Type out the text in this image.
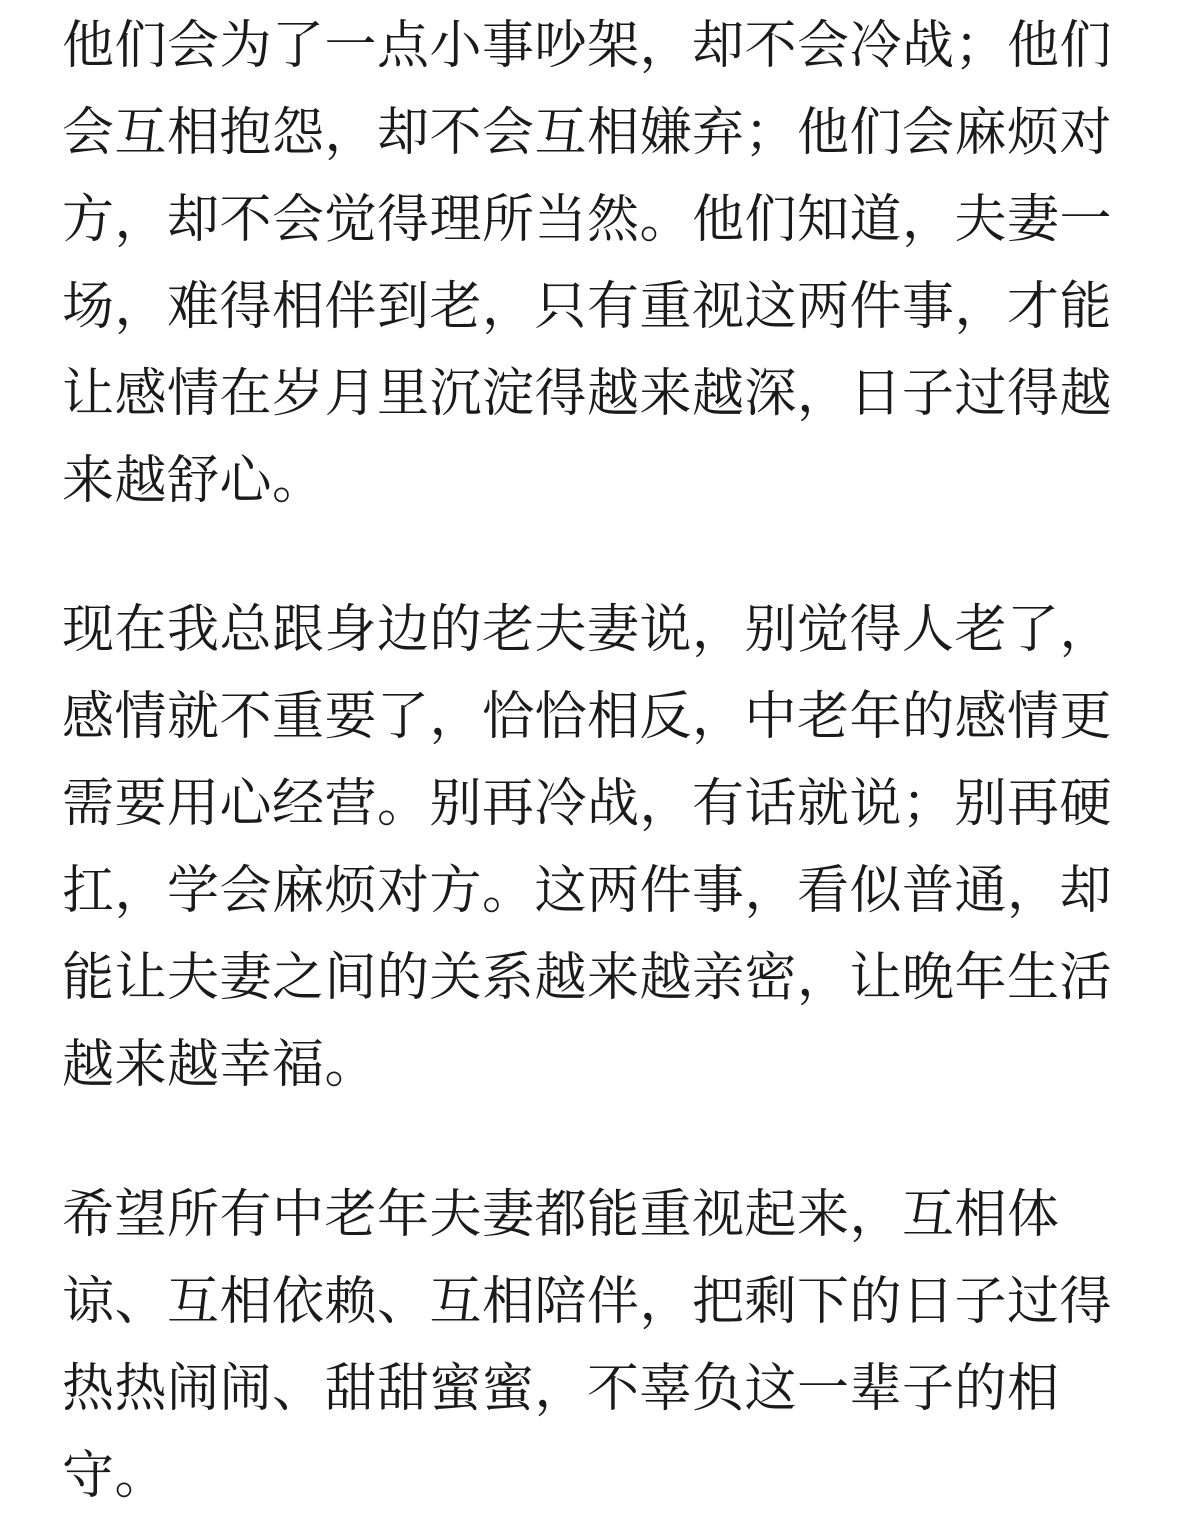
他们会为了一点小事吵架，却不会冷战；他们
会互相抱怨，却不会互相嫌弃；他们会麻烦对
方，却不会觉得理所当然。他们知道，夫妻一
场，难得相伴到老，只有重视这两件事，才能
让感情在岁月里沉淀得越来越深，日子过得越
来越舒心。

现在我总跟身边的老夫妻说，别觉得人老了，
感情就不重要了，恰恰相反，中老年的感情更
需要用心经营。别再冷战，有话就说；别再硬
扛，学会麻烦对方。这两件事，看似普通，却
能让夫妻之间的关系越来越亲密，让晚年生活
越来越幸福。

希望所有中老年夫妻都能重视起来，互相体
谅、互相依赖、互相陪伴，把剩下的日子过得
热热闹闹、甜甜蜜蜜，不辜负这一辈子的相
守。
